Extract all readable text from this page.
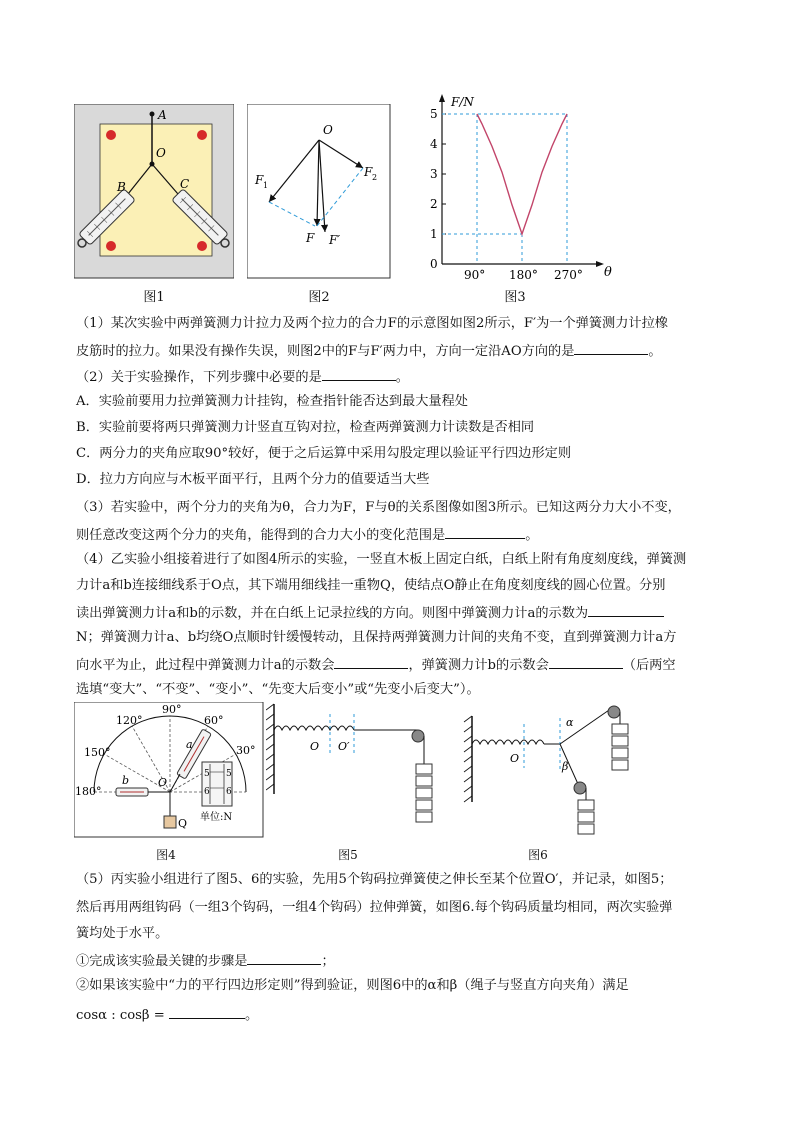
A
O
B	C
图1
O
F 1
F 2
F F′
图2
F/N
θ
0
1
2
3
4
5
90° 180° 270°
图3
（1）某次实验中两弹簧测力计拉力及两个拉力的合力F的示意图如图2所示，F′为一个弹簧测力计拉橡
皮筋时的拉力。如果没有操作失误，则图2中的F与F′两力中，方向一定沿AO方向的是	。
（2）关于实验操作，下列步骤中必要的是	。
A．实验前要用力拉弹簧测力计挂钩，检查指针能否达到最大量程处
B．实验前要将两只弹簧测力计竖直互钩对拉，检查两弹簧测力计读数是否相同
C．两分力的夹角应取90°较好，便于之后运算中采用勾股定理以验证平行四边形定则
D．拉力方向应与木板平面平行，且两个分力的值要适当大些
（3）若实验中，两个分力的夹角为θ，合力为F，F与θ的关系图像如图3所示。已知这两分力大小不变，
则任意改变这两个分力的夹角，能得到的合力大小的变化范围是	。
（4）乙实验小组接着进行了如图4所示的实验，一竖直木板上固定白纸，白纸上附有角度刻度线，弹簧测
力计a和b连接细线系于O点，其下端用细线挂一重物Q，使结点O静止在角度刻度线的圆心位置。分别
读出弹簧测力计a和b的示数，并在白纸上记录拉线的方向。则图中弹簧测力计a的示数为
N；弹簧测力计a、b均绕O点顺时针缓慢转动，且保持两弹簧测力计间的夹角不变，直到弹簧测力计a方
向水平为止，此过程中弹簧测力计a的示数会	，弹簧测力计b的示数会	（后两空
选填“变大”、“不变”、“变小”、“先变大后变小”或“先变小后变大”）。
90°
120°	60°
150°	30°
180°
a
b	O
Q
5
6
5
6
单位:N
图4
O O′
图5
O
α
β
图6
（5）丙实验小组进行了图5、6的实验，先用5个钩码拉弹簧使之伸长至某个位置O′，并记录，如图5；
然后再用两组钩码（一组3个钩码，一组4个钩码）拉伸弹簧，如图6.每个钩码质量均相同，两次实验弹
簧均处于水平。
①完成该实验最关键的步骤是	；
②如果该实验中“力的平行四边形定则”得到验证，则图6中的α和β（绳子与竖直方向夹角）满足
cosα : cosβ =	。
